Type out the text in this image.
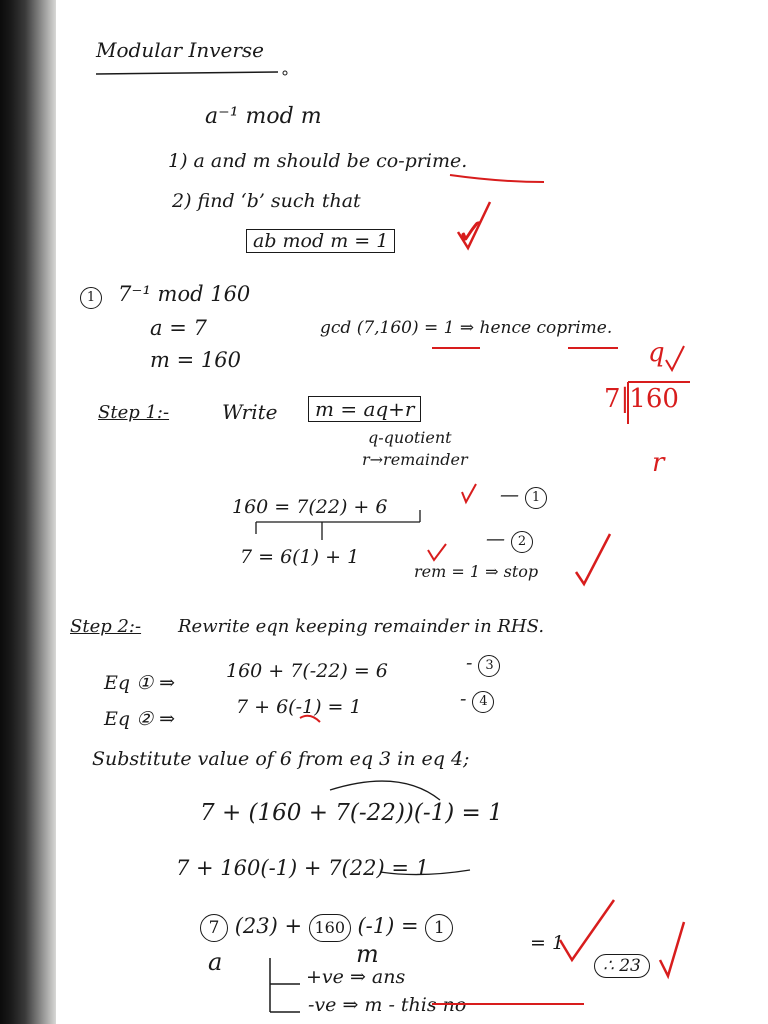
Modular Inverse
a⁻¹ mod m
1) a and m should be co-prime.
2) find ‘b’ such that
ab mod m = 1 ✓
1	7⁻¹ mod 160
a = 7
m = 160
gcd (7,160) = 1 ⇒ hence coprime.
q
7|160
r
Step 1:-	Write	m = aq+r
q-quotient
r→remainder
160 = 7(22) + 6
— 1
7 = 6(1) + 1
— 2
rem = 1 ⇒ stop
Step 2:- Rewrite eqn keeping remainder in RHS.
Eq ① ⇒
160 + 7(-22) = 6	- 3
Eq ② ⇒
7 + 6(-1) = 1	- 4
Substitute value of 6 from eq 3 in eq 4;
7 + (160 + 7(-22))(-1) = 1
7 + 160(-1) + 7(22) = 1
7 (23) + 160 (-1) = 1
a	m	= 1
∴ 23
+ve ⇒ ans
-ve ⇒ m - this no
